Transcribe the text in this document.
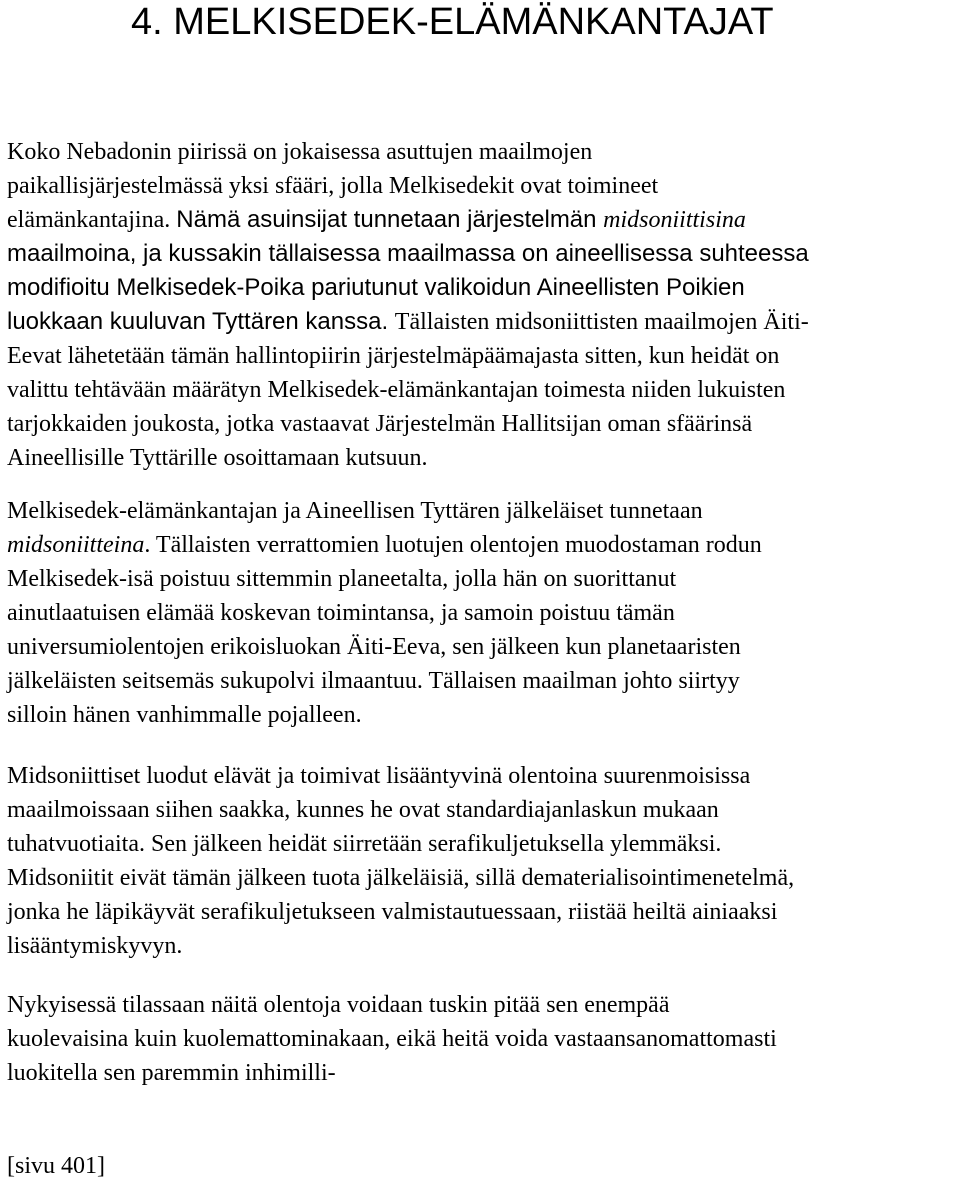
4. MELKISEDEK-ELÄMÄNKANTAJAT

Koko Nebadonin piirissä on jokaisessa asuttujen maailmojen
paikallisjärjestelmässä yksi sfääri, jolla Melkisedekit ovat toimineet
elämänkantajina. Nämä asuinsijat tunnetaan järjestelmän midsoniittisina
maailmoina, ja kussakin tällaisessa maailmassa on aineellisessa suhteessa
modifioitu Melkisedek-Poika pariutunut valikoidun Aineellisten Poikien
luokkaan kuuluvan Tyttären kanssa. Tällaisten midsoniittisten maailmojen Äiti-
Eevat lähetetään tämän hallintopiirin järjestelmäpäämajasta sitten, kun heidät on
valittu tehtävään määrätyn Melkisedek-elämänkantajan toimesta niiden lukuisten
tarjokkaiden joukosta, jotka vastaavat Järjestelmän Hallitsijan oman sfäärinsä
Aineellisille Tyttärille osoittamaan kutsuun.

Melkisedek-elämänkantajan ja Aineellisen Tyttären jälkeläiset tunnetaan
midsoniitteina. Tällaisten verrattomien luotujen olentojen muodostaman rodun
Melkisedek-isä poistuu sittemmin planeetalta, jolla hän on suorittanut
ainutlaatuisen elämää koskevan toimintansa, ja samoin poistuu tämän
universumiolentojen erikoisluokan Äiti-Eeva, sen jälkeen kun planetaaristen
jälkeläisten seitsemäs sukupolvi ilmaantuu. Tällaisen maailman johto siirtyy
silloin hänen vanhimmalle pojalleen.

Midsoniittiset luodut elävät ja toimivat lisääntyvinä olentoina suurenmoisissa
maailmoissaan siihen saakka, kunnes he ovat standardiajanlaskun mukaan
tuhatvuotiaita. Sen jälkeen heidät siirretään serafikuljetuksella ylemmäksi.
Midsoniitit eivät tämän jälkeen tuota jälkeläisiä, sillä dematerialisointimenetelmä,
jonka he läpikäyvät serafikuljetukseen valmistautuessaan, riistää heiltä ainiaaksi
lisääntymiskyvyn.

Nykyisessä tilassaan näitä olentoja voidaan tuskin pitää sen enempää
kuolevaisina kuin kuolemattominakaan, eikä heitä voida vastaansanomattomasti
luokitella sen paremmin inhimilli-

[sivu 401]
